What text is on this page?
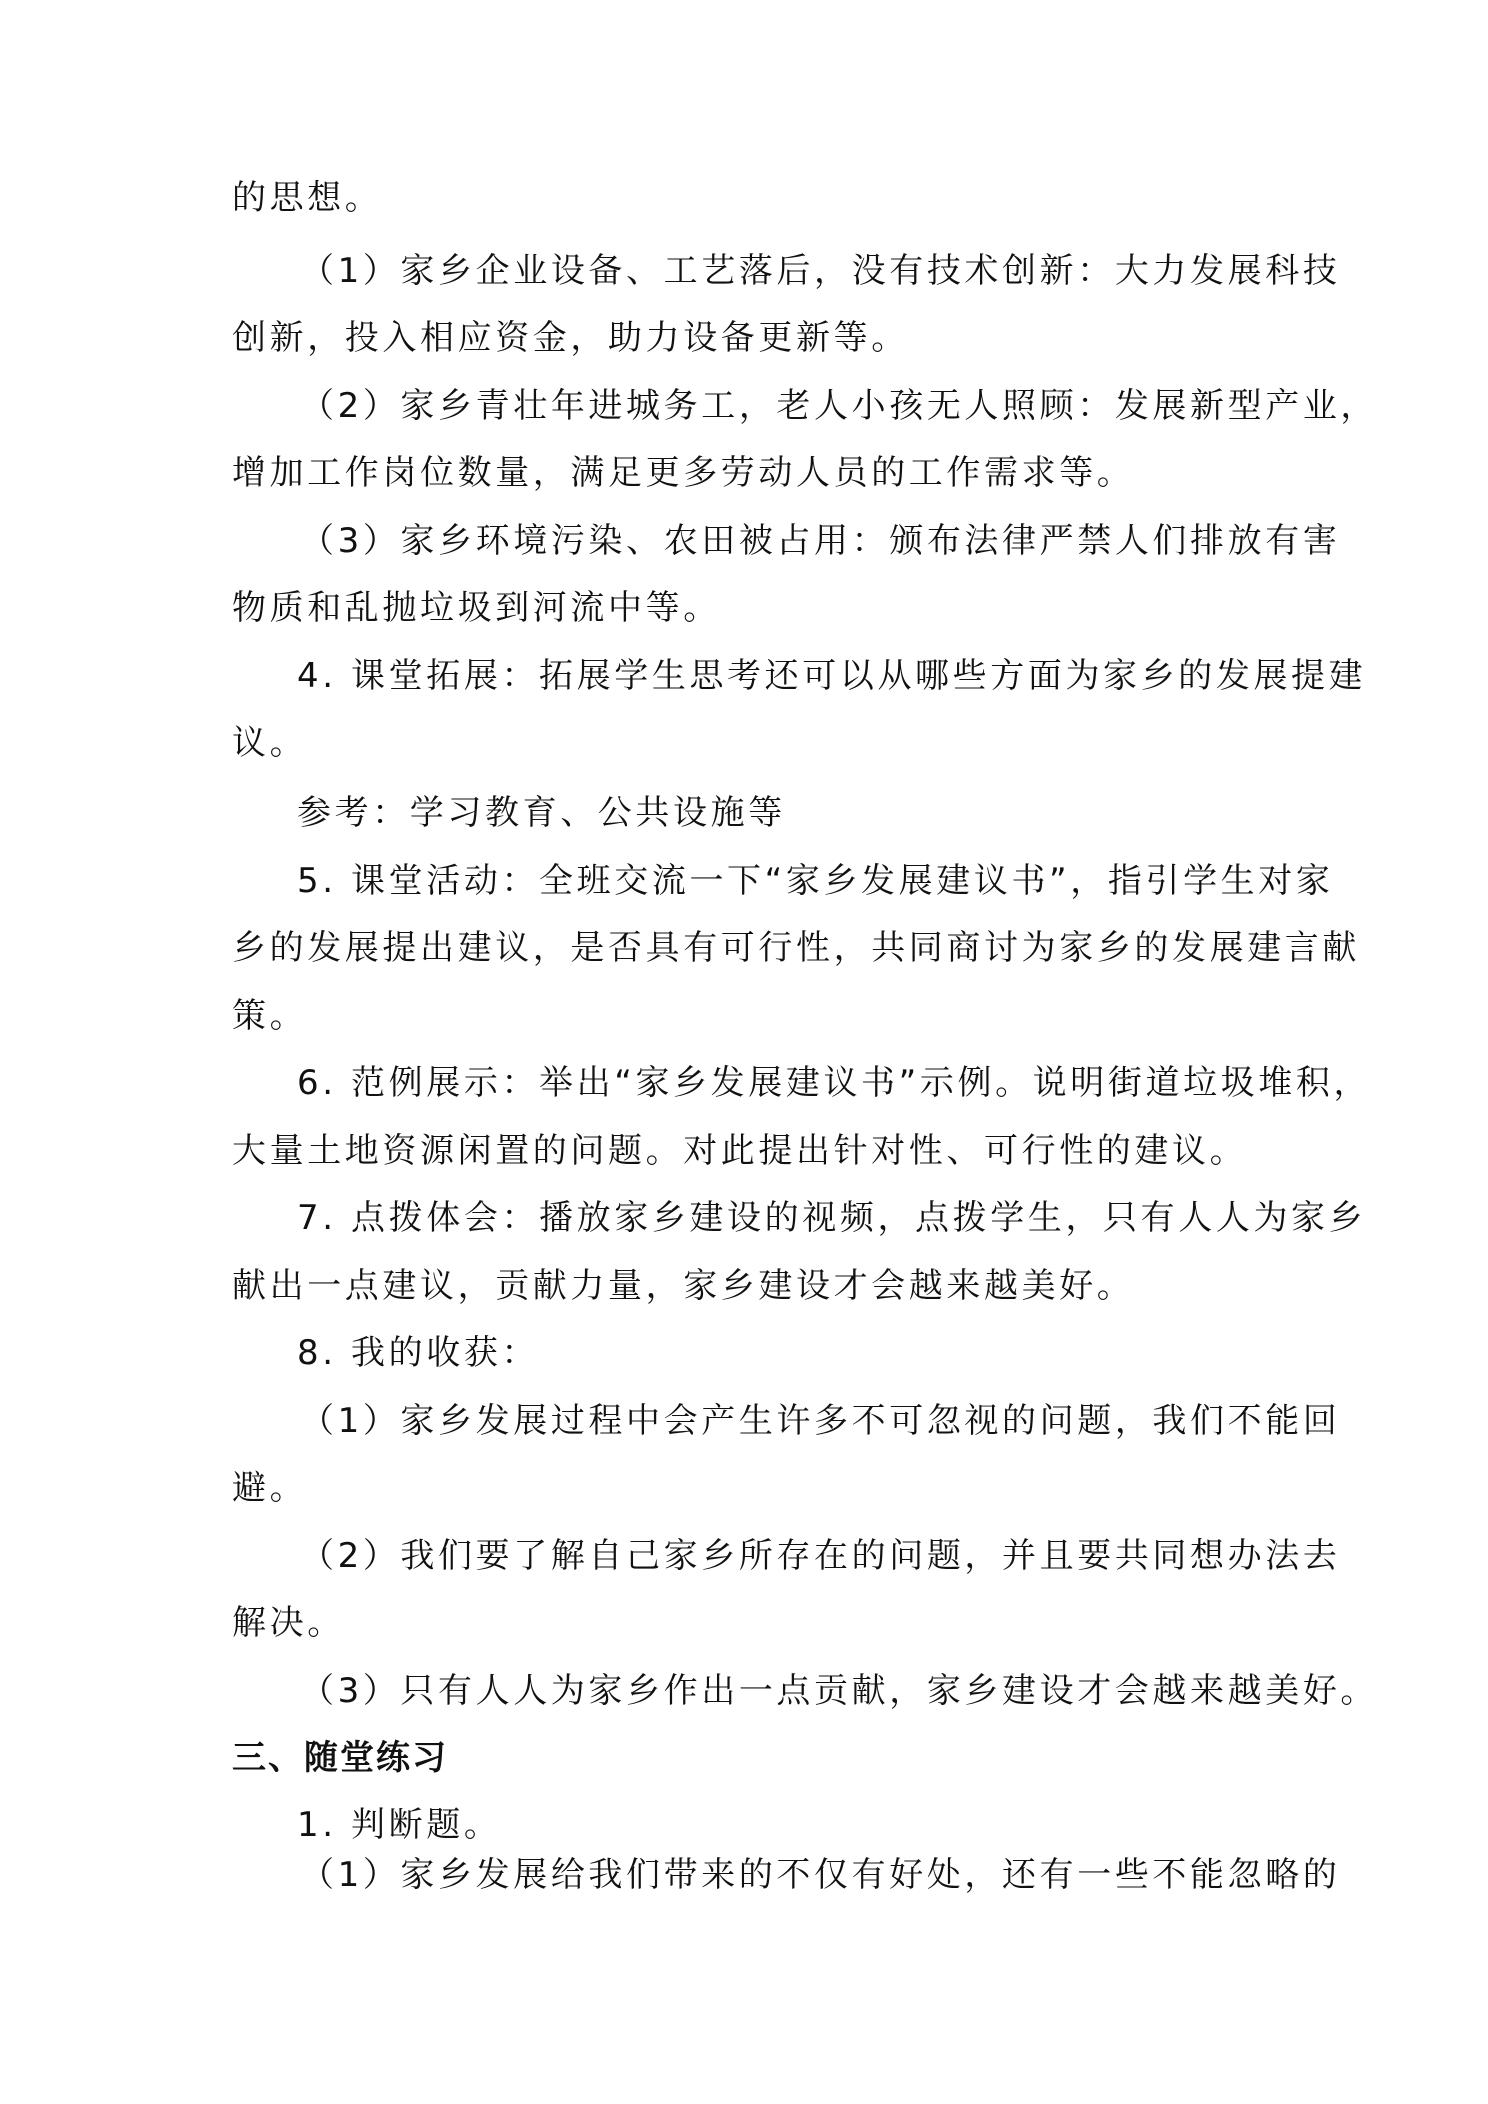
的思想。
（1）家乡企业设备、工艺落后，没有技术创新：大力发展科技
创新，投入相应资金，助力设备更新等。
（2）家乡青壮年进城务工，老人小孩无人照顾：发展新型产业，
增加工作岗位数量，满足更多劳动人员的工作需求等。
（3）家乡环境污染、农田被占用：颁布法律严禁人们排放有害
物质和乱抛垃圾到河流中等。
4. 课堂拓展：拓展学生思考还可以从哪些方面为家乡的发展提建
议。
参考：学习教育、公共设施等
5. 课堂活动：全班交流一下“家乡发展建议书”，指引学生对家
乡的发展提出建议，是否具有可行性，共同商讨为家乡的发展建言献
策。
6. 范例展示：举出“家乡发展建议书”示例。说明街道垃圾堆积，
大量土地资源闲置的问题。对此提出针对性、可行性的建议。
7. 点拨体会：播放家乡建设的视频，点拨学生，只有人人为家乡
献出一点建议，贡献力量，家乡建设才会越来越美好。
8. 我的收获：
（1）家乡发展过程中会产生许多不可忽视的问题，我们不能回
避。
（2）我们要了解自己家乡所存在的问题，并且要共同想办法去
解决。
（3）只有人人为家乡作出一点贡献，家乡建设才会越来越美好。
三、随堂练习
1. 判断题。
（1）家乡发展给我们带来的不仅有好处，还有一些不能忽略的
